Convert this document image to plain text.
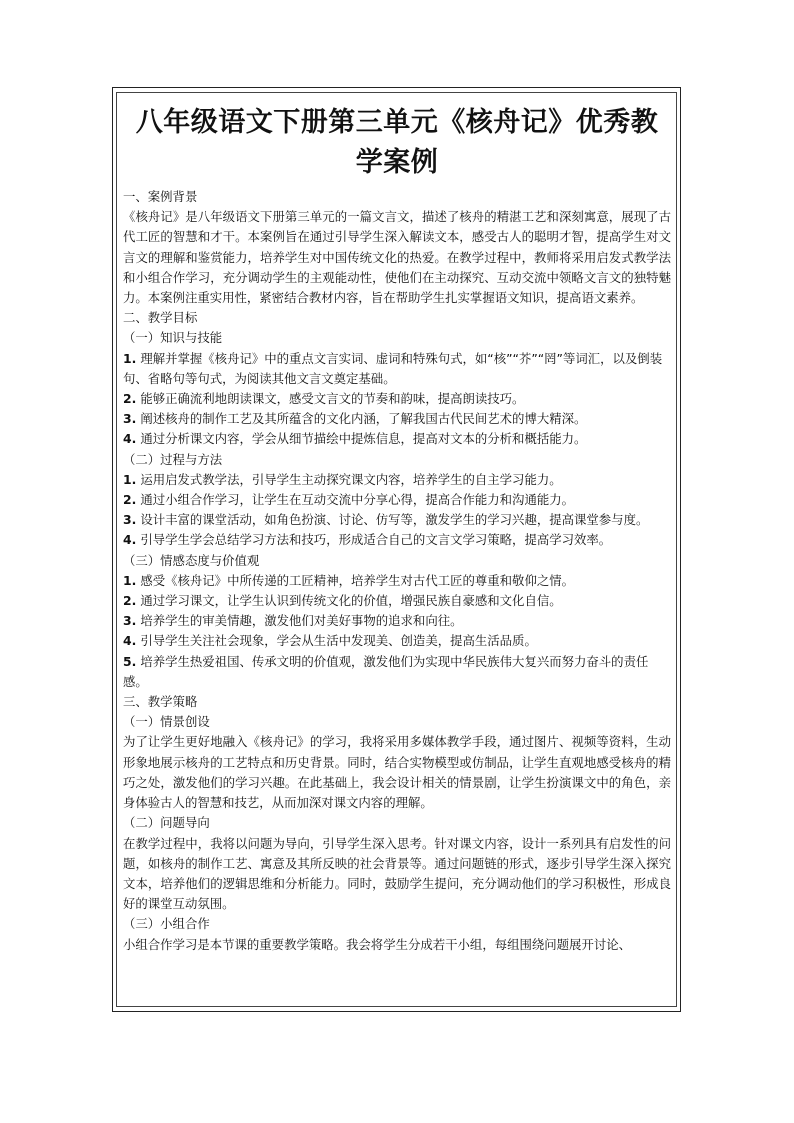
八年级语文下册第三单元《核舟记》优秀教学案例
一、案例背景
《核舟记》是八年级语文下册第三单元的一篇文言文，描述了核舟的精湛工艺和深刻寓意，展现了古代工匠的智慧和才干。本案例旨在通过引导学生深入解读文本，感受古人的聪明才智，提高学生对文言文的理解和鉴赏能力，培养学生对中国传统文化的热爱。在教学过程中，教师将采用启发式教学法和小组合作学习，充分调动学生的主观能动性，使他们在主动探究、互动交流中领略文言文的独特魅力。本案例注重实用性，紧密结合教材内容，旨在帮助学生扎实掌握语文知识，提高语文素养。
二、教学目标
（一）知识与技能
1. 理解并掌握《核舟记》中的重点文言实词、虚词和特殊句式，如“核”“芥”“罔”等词汇，以及倒装句、省略句等句式，为阅读其他文言文奠定基础。
2. 能够正确流利地朗读课文，感受文言文的节奏和韵味，提高朗读技巧。
3. 阐述核舟的制作工艺及其所蕴含的文化内涵，了解我国古代民间艺术的博大精深。
4. 通过分析课文内容，学会从细节描绘中提炼信息，提高对文本的分析和概括能力。
（二）过程与方法
1. 运用启发式教学法，引导学生主动探究课文内容，培养学生的自主学习能力。
2. 通过小组合作学习，让学生在互动交流中分享心得，提高合作能力和沟通能力。
3. 设计丰富的课堂活动，如角色扮演、讨论、仿写等，激发学生的学习兴趣，提高课堂参与度。
4. 引导学生学会总结学习方法和技巧，形成适合自己的文言文学习策略，提高学习效率。
（三）情感态度与价值观
1. 感受《核舟记》中所传递的工匠精神，培养学生对古代工匠的尊重和敬仰之情。
2. 通过学习课文，让学生认识到传统文化的价值，增强民族自豪感和文化自信。
3. 培养学生的审美情趣，激发他们对美好事物的追求和向往。
4. 引导学生关注社会现象，学会从生活中发现美、创造美，提高生活品质。
5. 培养学生热爱祖国、传承文明的价值观，激发他们为实现中华民族伟大复兴而努力奋斗的责任感。
三、教学策略
（一）情景创设
为了让学生更好地融入《核舟记》的学习，我将采用多媒体教学手段，通过图片、视频等资料，生动形象地展示核舟的工艺特点和历史背景。同时，结合实物模型或仿制品，让学生直观地感受核舟的精巧之处，激发他们的学习兴趣。在此基础上，我会设计相关的情景剧，让学生扮演课文中的角色，亲身体验古人的智慧和技艺，从而加深对课文内容的理解。
（二）问题导向
在教学过程中，我将以问题为导向，引导学生深入思考。针对课文内容，设计一系列具有启发性的问题，如核舟的制作工艺、寓意及其所反映的社会背景等。通过问题链的形式，逐步引导学生深入探究文本，培养他们的逻辑思维和分析能力。同时，鼓励学生提问，充分调动他们的学习积极性，形成良好的课堂互动氛围。
（三）小组合作
小组合作学习是本节课的重要教学策略。我会将学生分成若干小组，每组围绕问题展开讨论、
